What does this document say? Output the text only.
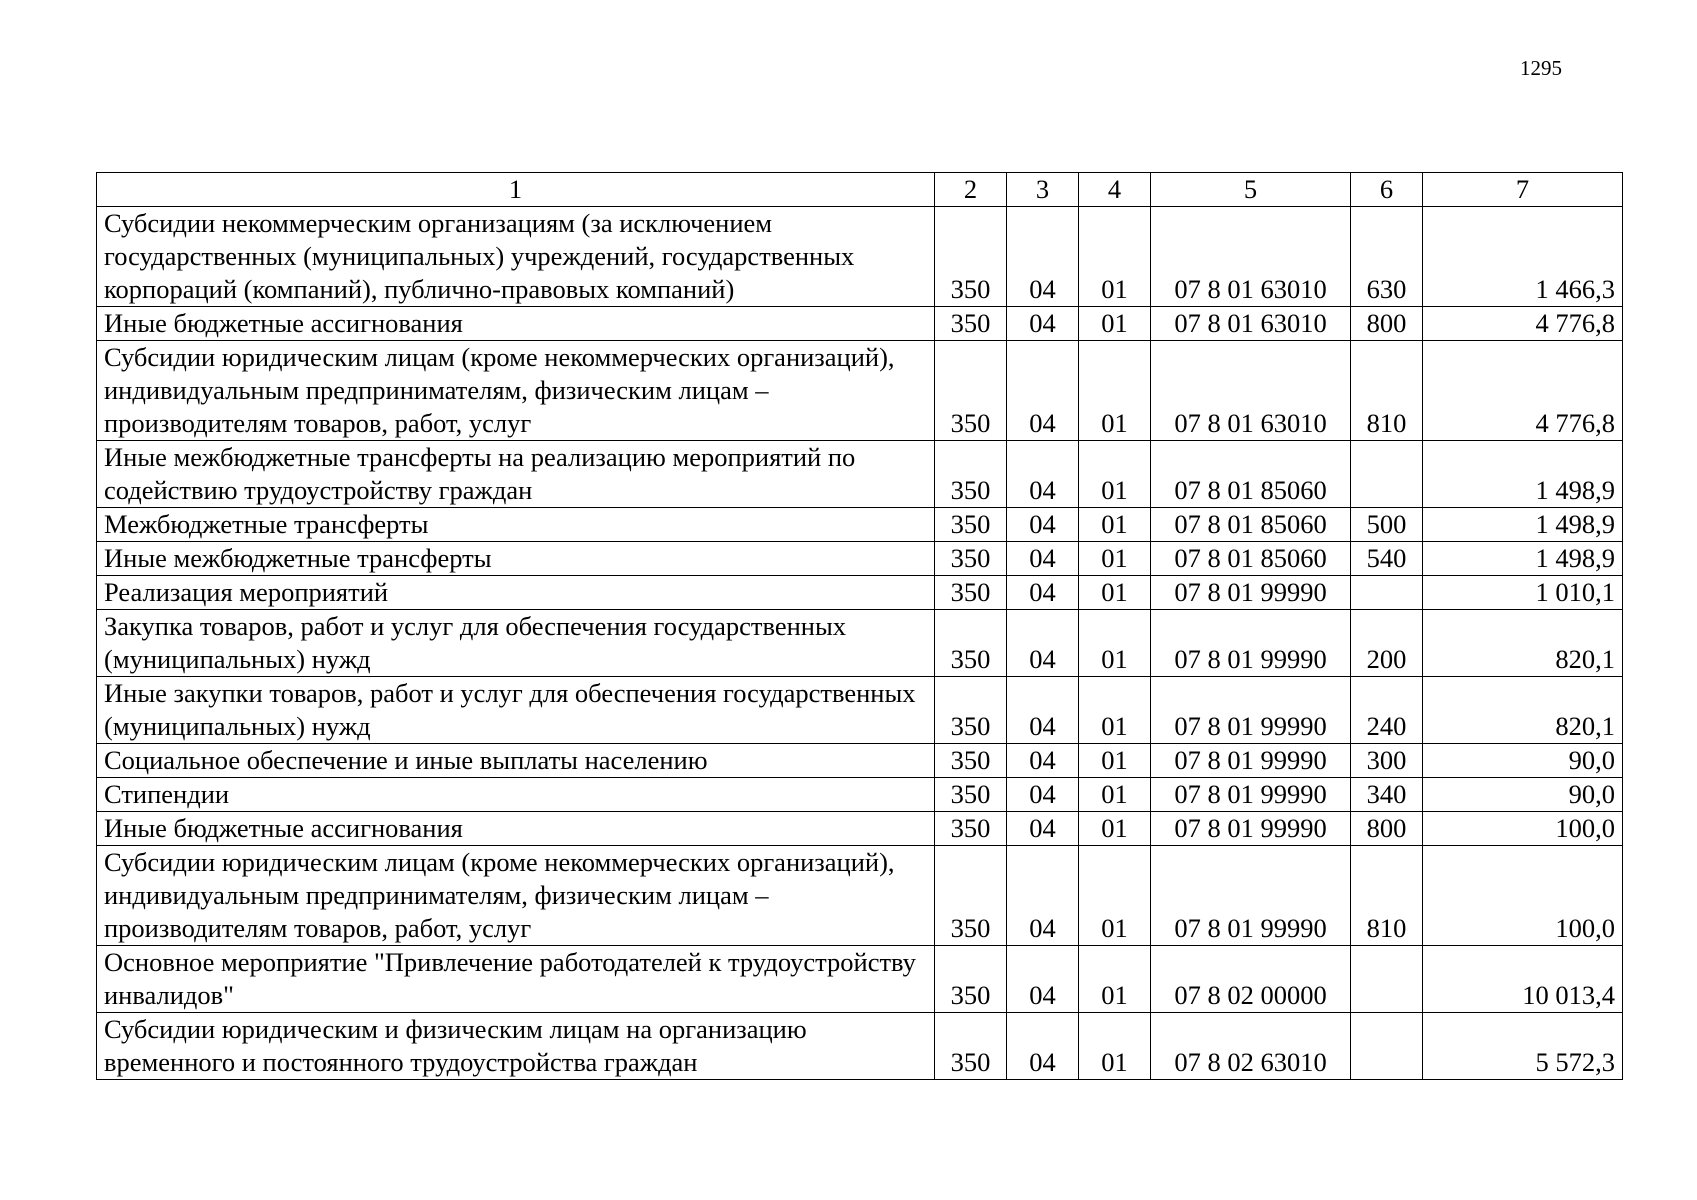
1295
1	2	3	4	5	6	7
Субсидии некоммерческим организациям (за исключением государственных (муниципальных) учреждений, государственных корпораций (компаний), публично-правовых компаний)	350	04	01	07 8 01 63010	630	1 466,3
Иные бюджетные ассигнования	350	04	01	07 8 01 63010	800	4 776,8
Субсидии юридическим лицам (кроме некоммерческих организаций), индивидуальным предпринимателям, физическим лицам – производителям товаров, работ, услуг	350	04	01	07 8 01 63010	810	4 776,8
Иные межбюджетные трансферты на реализацию мероприятий по содействию трудоустройству граждан	350	04	01	07 8 01 85060		1 498,9
Межбюджетные трансферты	350	04	01	07 8 01 85060	500	1 498,9
Иные межбюджетные трансферты	350	04	01	07 8 01 85060	540	1 498,9
Реализация мероприятий	350	04	01	07 8 01 99990		1 010,1
Закупка товаров, работ и услуг для обеспечения государственных (муниципальных) нужд	350	04	01	07 8 01 99990	200	820,1
Иные закупки товаров, работ и услуг для обеспечения государственных (муниципальных) нужд	350	04	01	07 8 01 99990	240	820,1
Социальное обеспечение и иные выплаты населению	350	04	01	07 8 01 99990	300	90,0
Стипендии	350	04	01	07 8 01 99990	340	90,0
Иные бюджетные ассигнования	350	04	01	07 8 01 99990	800	100,0
Субсидии юридическим лицам (кроме некоммерческих организаций), индивидуальным предпринимателям, физическим лицам – производителям товаров, работ, услуг	350	04	01	07 8 01 99990	810	100,0
Основное мероприятие "Привлечение работодателей к трудоустройству инвалидов"	350	04	01	07 8 02 00000		10 013,4
Субсидии юридическим и физическим лицам на организацию временного и постоянного трудоустройства граждан	350	04	01	07 8 02 63010		5 572,3
